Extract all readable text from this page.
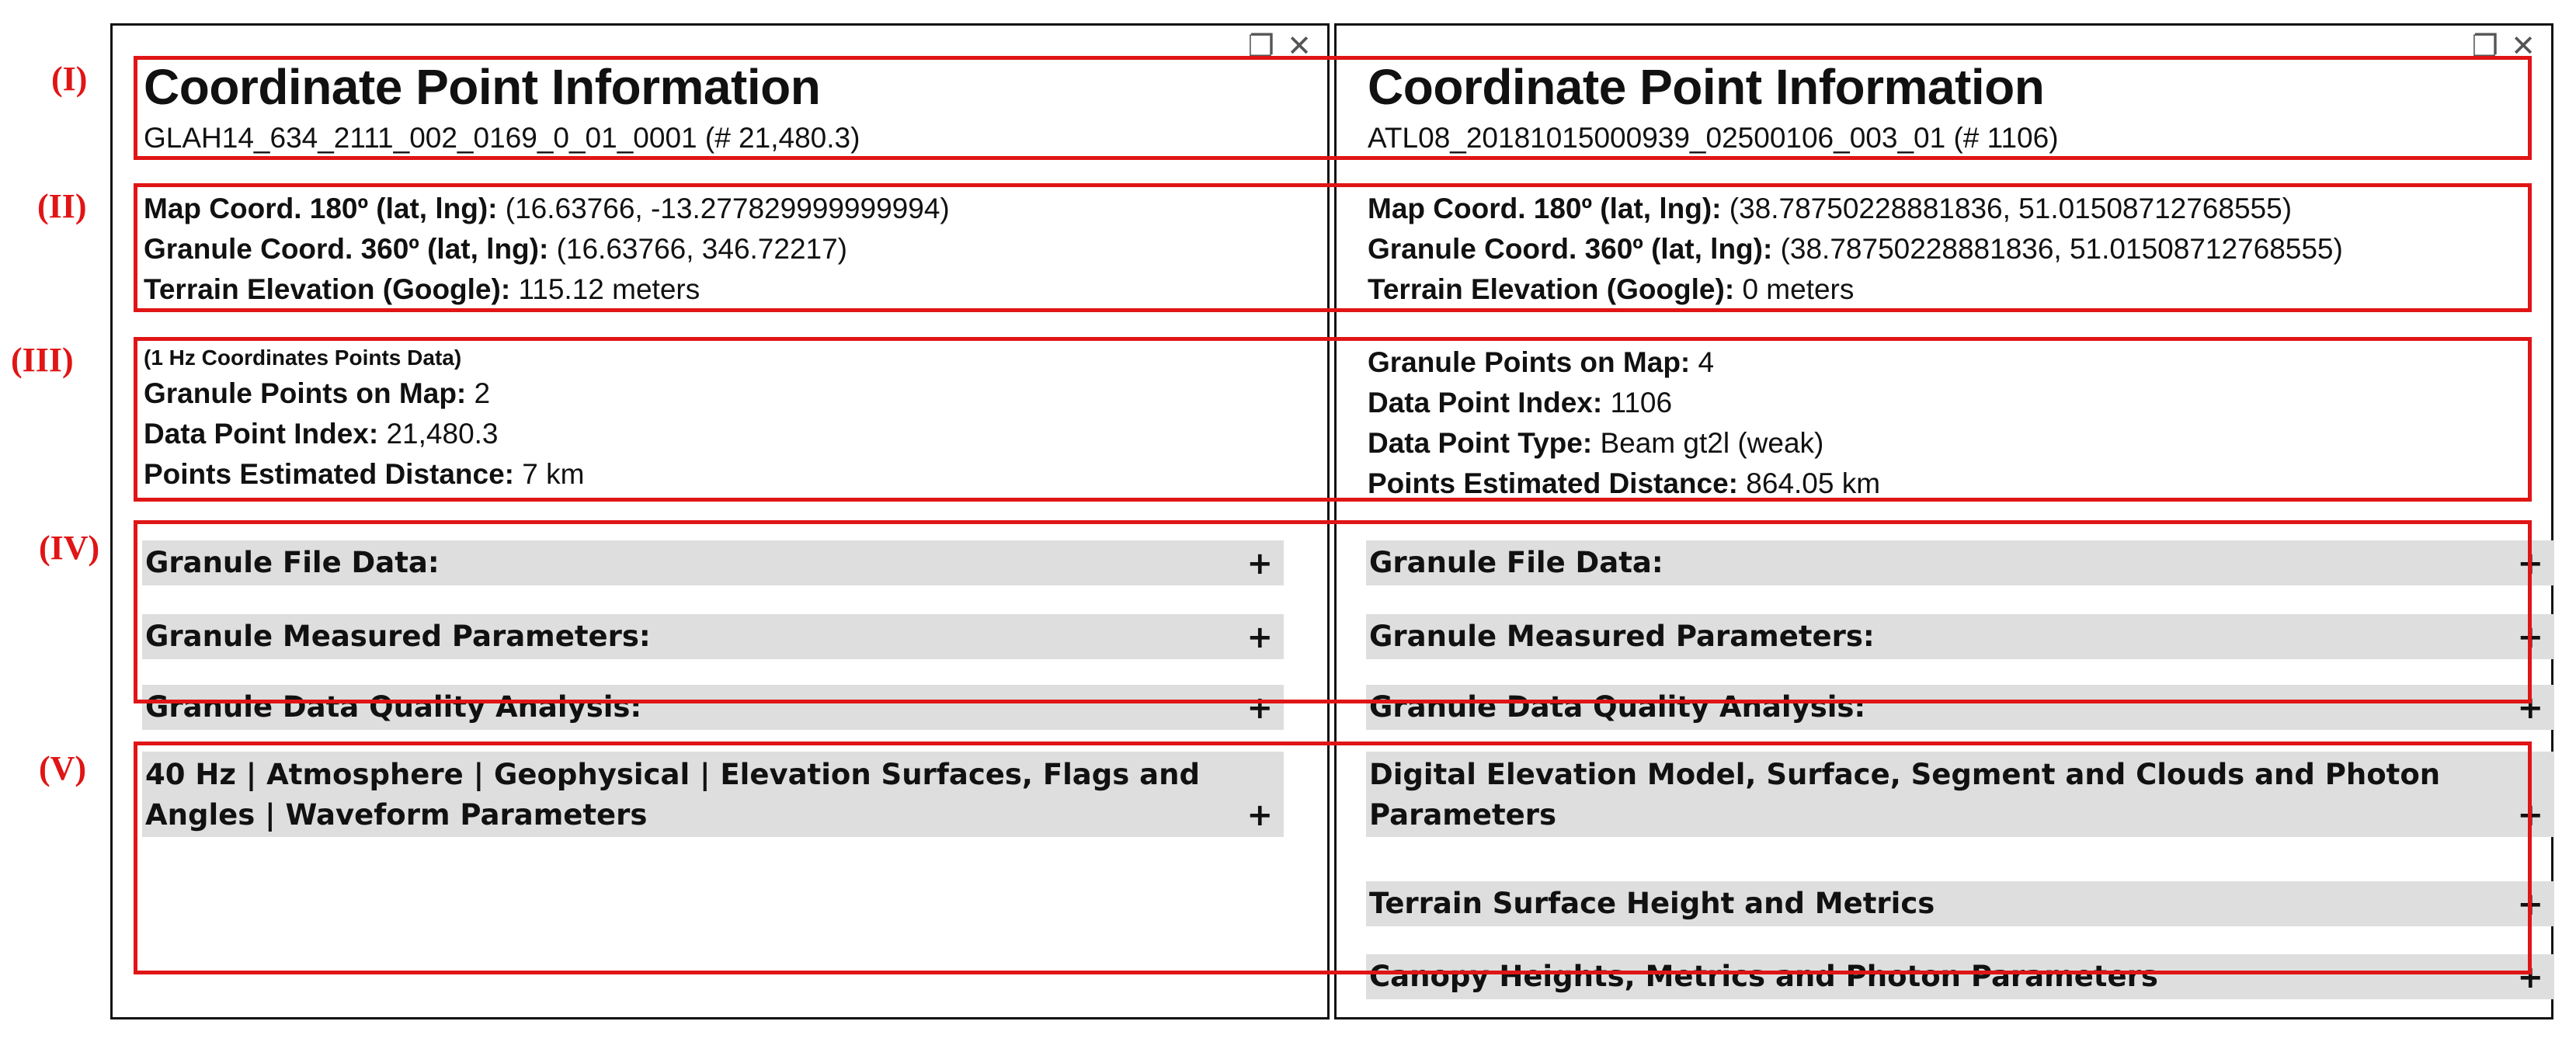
❐ ✕
Coordinate Point Information
GLAH14_634_2111_002_0169_0_01_0001 (# 21,480.3)
Map Coord. 180º (lat, lng): (16.63766, -13.277829999999994)
Granule Coord. 360º (lat, lng): (16.63766, 346.72217)
Terrain Elevation (Google): 115.12 meters
(1 Hz Coordinates Points Data)
Granule Points on Map: 2
Data Point Index: 21,480.3
Points Estimated Distance: 7 km
Granule File Data:	+
Granule Measured Parameters:	+
Granule Data Quality Analysis:	+
40 Hz | Atmosphere | Geophysical | Elevation Surfaces, Flags and Angles | Waveform Parameters	+
❐ ✕
Coordinate Point Information
ATL08_20181015000939_02500106_003_01 (# 1106)
Map Coord. 180º (lat, lng): (38.78750228881836, 51.01508712768555)
Granule Coord. 360º (lat, lng): (38.78750228881836, 51.01508712768555)
Terrain Elevation (Google): 0 meters
Granule Points on Map: 4
Data Point Index: 1106
Data Point Type: Beam gt2l (weak)
Points Estimated Distance: 864.05 km
Granule File Data:	+
Granule Measured Parameters:	+
Granule Data Quality Analysis:	+
Digital Elevation Model, Surface, Segment and Clouds and Photon Parameters	+
Terrain Surface Height and Metrics	+
Canopy Heights, Metrics and Photon Parameters	+
(I)
(II)
(III)
(IV)
(V)
